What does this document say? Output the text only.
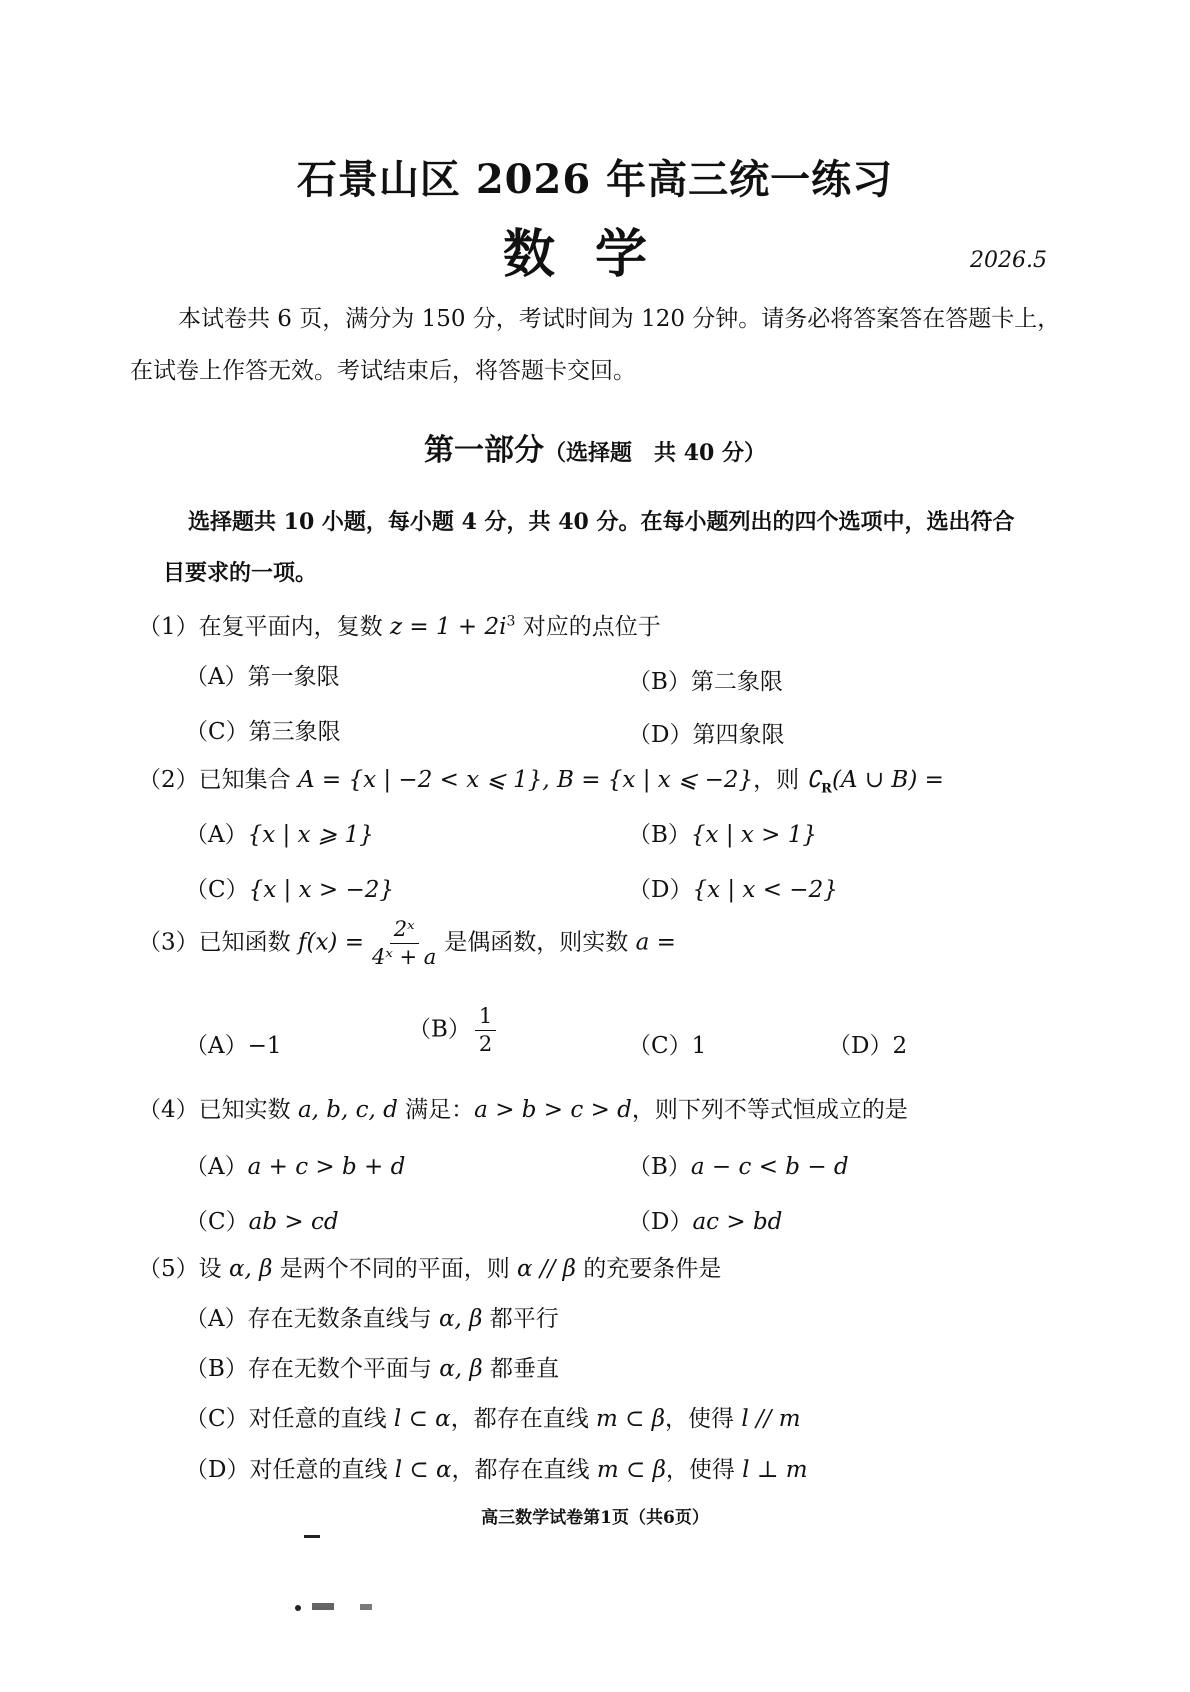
石景山区 2026 年高三统一练习
数学	2026.5
本试卷共 6 页，满分为 150 分，考试时间为 120 分钟。请务必将答案答在答题卡上，
在试卷上作答无效。考试结束后，将答题卡交回。
第一部分（选择题　共 40 分）
选择题共 10 小题，每小题 4 分，共 40 分。在每小题列出的四个选项中，选出符合
目要求的一项。
（1）在复平面内，复数 $z = 1 + 2i^3$ 对应的点位于
（A）第一象限	（B）第二象限
（C）第三象限	（D）第四象限
（2）已知集合 A = {x | −2 < x ⩽ 1}, B = {x | x ⩽ −2}，则 $∁_R(A$ ∪ B) =
（A）{x | x ⩾ 1}	（B）{x | x > 1}
（C）{x | x > −2}	（D）{x | x < −2}
（3）已知函数 $f(x) = \frac{\text{2ˣ}}{\text{4ˣ + a}}$ 是偶函数，则实数 a =
（A）−1
$(B) \frac{1}{2}$	（C）1	（D）2
（4）已知实数 a, b, c, d 满足：a > b > c > d，则下列不等式恒成立的是
（A）a + c > b + d	（B）a − c < b − d
（C）ab > cd	（D）ac > bd
（5）设 α, β 是两个不同的平面，则 α // β 的充要条件是
（A）存在无数条直线与 α, β 都平行
（B）存在无数个平面与 α, β 都垂直
（C）对任意的直线 l ⊂ α，都存在直线 m ⊂ β，使得 l // m
（D）对任意的直线 l ⊂ α，都存在直线 m ⊂ β，使得 l ⊥ m
高三数学试卷第1页（共6页）
